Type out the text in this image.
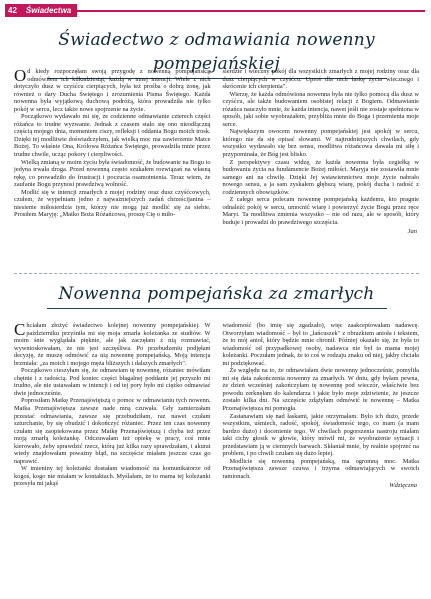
42	Świadectwa
Świadectwo z odmawiania nowenny pompejańskiej

Od kiedy rozpoczęłam swoją przygodę z nowenną pompejańską, odmówiłem ich kilkadziesiąt, każdą w innej intencji. Wiele z nich dotyczyło dusz w czyśćcu cierpiących, była też prośba o dobrą żonę, jak również o dary Ducha Świętego i zrozumienia Pisma Świętego. Każda nowenna była wyjątkową duchową podróżą, która prowadziła nie tylko pokój w sercu, lecz także nowe spojrzenie na życie.

Początkowo wydawało mi się, że codzienne odmawianie czterech części różańca to trudne wyzwanie. Jednak z czasem stało się ono nieodłączną częścią mojego dnia, momentem ciszy, refleksji i oddania Bogu moich trosk. Dzięki tej modlitwie doświadczyłem, jak wielką moc ma zawierzenie Matce Bożej. To właśnie Ona, Królowa Różańca Świętego, prowadziła mnie przez trudne chwile, ucząc pokory i cierpliwości.

Wielką zmianą w moim życiu była świadomość, że budowanie na Bogu to jedyna trwała droga. Przed nowenną często szukałem rozwiązań na własną rękę, co prowadziło do frustracji i poczucia osamotnienia. Teraz wiem, że zaufanie Bogu przynosi prawdziwą wolność.

Modlić się w intencji zmarłych z mojej rodziny oraz dusz czyśćcowych, czułem, że wypełniam jedno z najważniejszych zadań chrześcijanina – niesienie miłosierdzia tym, którzy nie mogą już modlić się za siebie. Prosiłem Maryję: „Matko Boża Różańcowa, proszę Cię o miło-

sierdzie i wieczny pokój dla wszystkich zmarłych z mojej rodziny oraz dla dusz cierpiących w czyśćcu. Uproś dla nich łaskę życia wiecznego i skrócenie ich cierpienia".

Wierzę, że każda odmówiona nowenna była nie tylko pomocą dla dusz w czyśćcu, ale także budowaniem osobistej relacji z Bogiem. Odmawianie różańca nauczyło mnie, że każda intencja, nawet jeśli nie zostaje spełniona w sposób, jaki sobie wyobrażałem, przybliża mnie do Boga i przemienia moje serce.

Największym owocem nowenny pompejańskiej jest spokój w sercu, którego nie da się opisać słowami. W najtrudniejszych chwilach, gdy wszystko wydawało się bez sensu, modlitwa różańcowa dawała mi siłę i przypominała, że Bóg jest blisko.

Z perspektywy czasu widzę, że każda nowenna była cegiełką w budowaniu życia na fundamencie Bożej miłości. Maryja nie zostawiła mnie samego ani na chwilę. Dzięki Jej wstawiennictwu moje życie nabrało nowego sensu, a ja sam zyskałem głębszą wiarę, pokój ducha i radość z codziennych obowiązków.

Z całego serca polecam nowennę pompejańską każdemu, kto pragnie odnaleźć pokój w sercu, umocnić wiarę i powierzyć życie Bogu przez ręce Maryi. Ta modlitwa zmienia wszystko – nie od razu, ale w sposób, który buduje i prowadzi do prawdziwego szczęścia.

Jan
Nowenna pompejańska za zmarłych

Chciałam złożyć świadectwo kolejnej nowenny pompejańskiej. W październiku przyśniła mi się moja zmarła koleżanka ze studiów. W moim śnie wyglądała pięknie, ale jak zaczęłam z nią rozmawiać, wywnioskowałam, że nie jest szczęśliwa. Po przebudzeniu podjęłam decyzję, że muszę odmówić za nią nowennę pompejańską. Moją intencja brzmiała: „za moich i mojego męża bliższych i dalszych zmarłych".

Początkowo cieszyłam się, że odmawiam tę nowennę, różaniec mówiłam chętnie i z radością. Pod koniec części błagalnej poddanie jej przyszło mi trudno, ale nie ustawałam w intencji i od tej pory było mi ciężko odmawiać dwie jednocześnie.

Poprosiłam Matkę Przenajświętszą o pomoc w odmawianiu tych nowenn. Matka Przenajświętsza zawsze nade mną czuwała. Gdy zamierzałam przestać odmawiania, zawsze się przebudziłam, raz nawet czułam szturchanie, by się obudzić i dokończyć różaniec. Przez ten czas nowenny czułam się zaopiekowana przez Matkę Przenajświętszą i chyba też przez moją zmarłą koleżankę. Odczuwałam też opiekę w pracy, coś mnie kierowało, żeby sprawdzić rzecz, którą już kilka razy sprawdzałam, i akurat wtedy znajdowałam poważny błąd, na szczęście miałam jeszcze czas go naprawić.

W imieniny tej koleżanki dostałam wiadomość na komunikatorze od kogoś, kogo nie miałam w kontaktach. Myślałam, że to mama tej koleżanki przesyła mi jakąś

wiadomość (bo imię się zgadzało), więc zaakceptowałam nadawcę. Otworzyłam wiadomość – był to „łańcuszek" z obrazkiem anioła i tekstem, że to mój anioł, który będzie mnie chronił. Później okazało się, że była to wiadomość od przypadkowej osoby, nadawca nie był ta mama mojej koleżanki. Poczułam jednak, że to coś w rodzaju znaku od niej, jakby chciała mi podziękować.

Że względu na to, że odmawiałam dwie nowenny jednocześnie, pomyliła mi się data zakończenia nowenny za zmarłych. W dniu, gdy byłam pewna, że dzień wcześniej zakończyłam tę nowennę pod wieczór, właściwie bez powodu zerknęłam do kalendarza i jakie było moje zdziwienie, że jeszcze zostało kilka dni. Na szczęście zdążyłam odmówić te nowennę – Matka Przenajświętsza mi pomogła.

Zastanawiam się nad łaskami, jakie otrzymałam. Było ich dużo, przede wszystkim, uśmiech, radość, spokój, świadomość tego, co mam (a mam bardzo dużo) i docenienie tego. W chwilach pogorszenia nastroju miałam taki cichy głosik w głowie, który mówił mi, że wyobrażenie sytuacji i przedstawiam ją w ciemnych barwach. Skłaniał mnie, by realnie spojrzeć na problem, i po chwili czułam się dużo lepiej.

Modlicie się nowenną pompejańską, ma ogromną moc. Matka Przenajświętsza zawsze czuwa i trzyma odmawiających w swoich ramionach.

Wdzięczna
